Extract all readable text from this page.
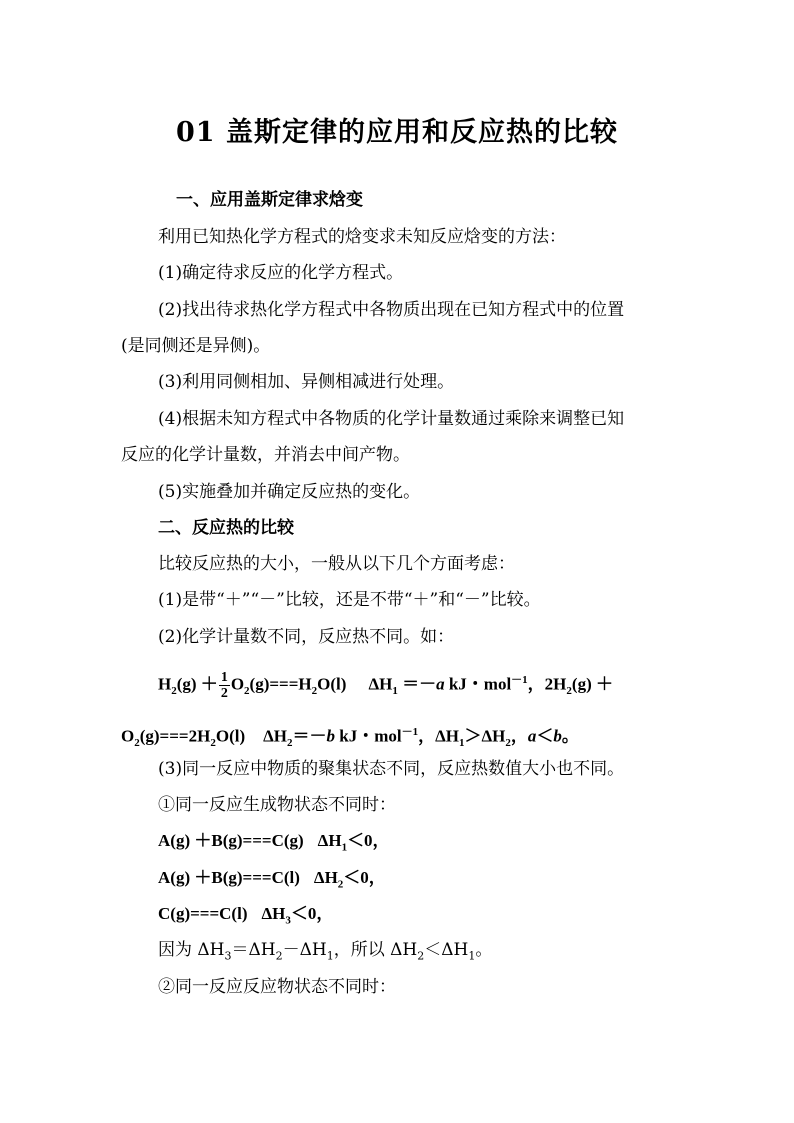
01 盖斯定律的应用和反应热的比较
一、应用盖斯定律求焓变
利用已知热化学方程式的焓变求未知反应焓变的方法：
(1)确定待求反应的化学方程式。
(2)找出待求热化学方程式中各物质出现在已知方程式中的位置
(是同侧还是异侧)。
(3)利用同侧相加、异侧相减进行处理。
(4)根据未知方程式中各物质的化学计量数通过乘除来调整已知
反应的化学计量数，并消去中间产物。
(5)实施叠加并确定反应热的变化。
二、反应热的比较
比较反应热的大小，一般从以下几个方面考虑：
(1)是带“＋”“－”比较，还是不带“＋”和“－”比较。
(2)化学计量数不同，反应热不同。如：
$H_2(g) + \frac{1}{2} O_2(g)===H_2O(l)$ $\Delta H_1 =-a$ kJ・mol$^{-1}$，$2H_2(g)$ ＋
$O_2(g)===2H_2O(l)$ $\Delta H_2=-b$ kJ・mol$^{-1}$，$\Delta H_1>\Delta H_2$，a＜b。
(3)同一反应中物质的聚集状态不同，反应热数值大小也不同。
①同一反应生成物状态不同时：
A(g) ＋B(g)===C(g) $\Delta H_1<0$，
A(g) ＋B(g)===C(l) $\Delta H_2<0$，
C(g)===C(l) $\Delta H_3<0$，
因为 $\Delta H_3=\Delta H_2-\Delta H_1$，所以 $\Delta H_2<\Delta H_1$。
②同一反应反应物状态不同时：
